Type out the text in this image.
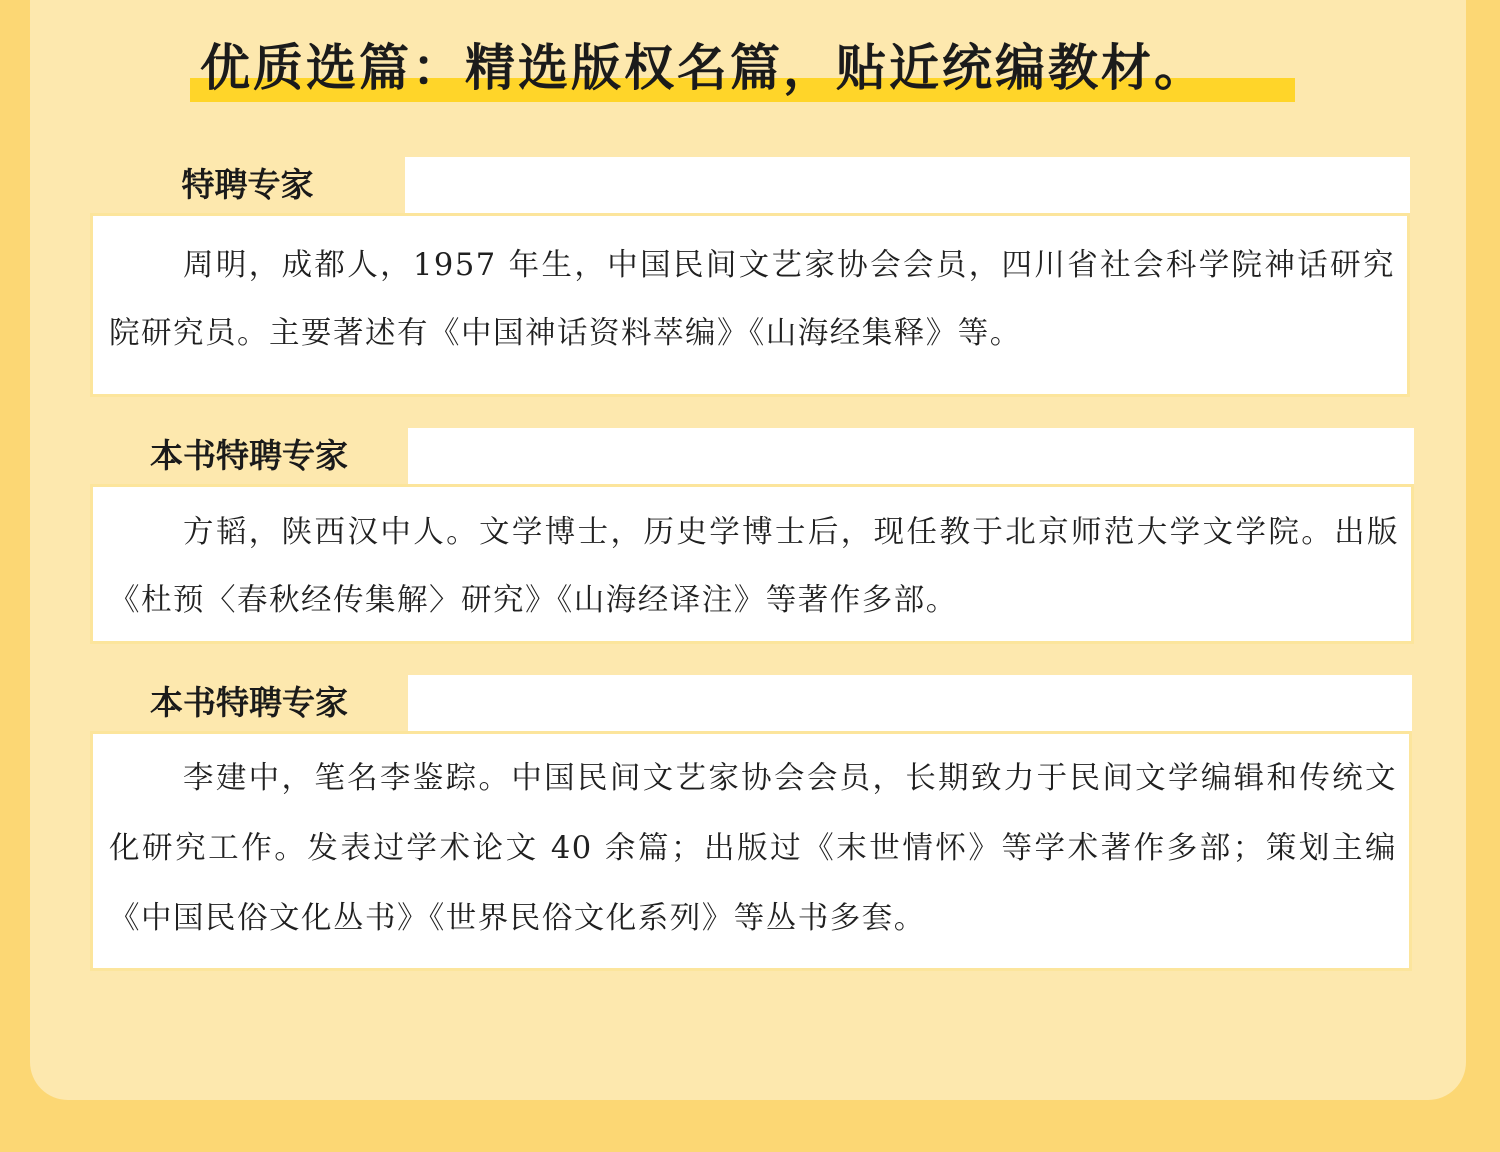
优质选篇：精选版权名篇，贴近统编教材。
特聘专家

周明，成都人，1957 年生，中国民间文艺家协会会员，四川省社会科学院神话研究院研究员。主要著述有《中国神话资料萃编》《山海经集释》等。

本书特聘专家

方韬，陕西汉中人。文学博士，历史学博士后，现任教于北京师范大学文学院。出版《杜预〈春秋经传集解〉研究》《山海经译注》等著作多部。

本书特聘专家

李建中，笔名李鉴踪。中国民间文艺家协会会员，长期致力于民间文学编辑和传统文化研究工作。发表过学术论文 40 余篇；出版过《末世情怀》等学术著作多部；策划主编《中国民俗文化丛书》《世界民俗文化系列》等丛书多套。
